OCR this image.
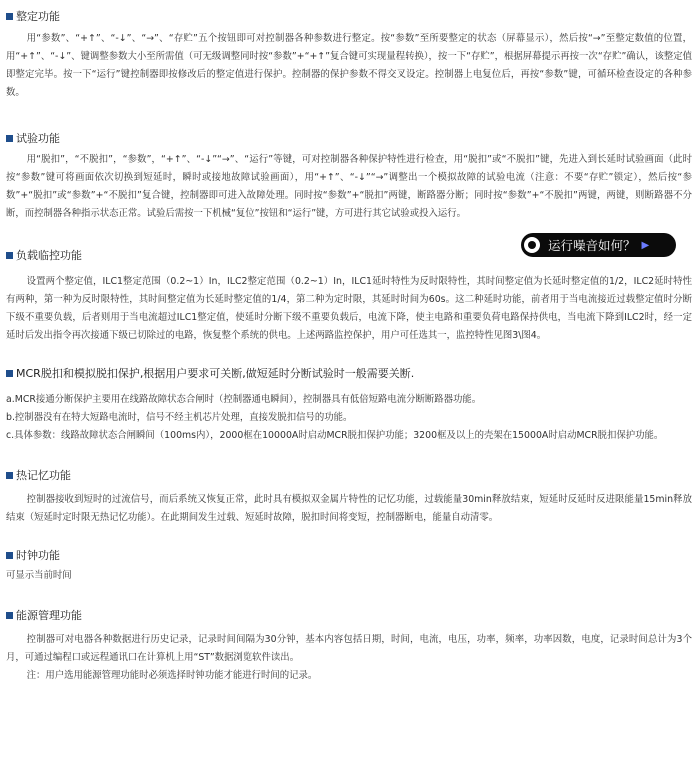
整定功能

用“参数”、“+↑”、“-↓”、“→”、“存贮”五个按钮即可对控制器各种参数进行整定。按“参数”至所要整定的状态（屏幕显示），然后按“→”至整定数值的位置，用“+↑”、“-↓”、键调整参数大小至所需值（可无级调整同时按“参数”+“+↑”复合键可实现量程转换），按一下“存贮”，根据屏幕提示再按一次“存贮”确认，该整定值即整定完毕。按一下“运行”键控制器即按修改后的整定值进行保护。控制器的保护参数不得交叉设定。控制器上电复位后，再按“参数”键，可循环检查设定的各种参数。

试验功能

用“脱扣”，“不脱扣”，“参数”，“+↑”、“-↓”“→”、“运行”等键，可对控制器各种保护特性进行检查，用“脱扣”或“不脱扣”键，先进入到长延时试验画面（此时按“参数”键可将画面依次切换到短延时，瞬时或接地故障试验画面），用“+↑”、“-↓”“→”调整出一个模拟故障的试验电流（注意：不要“存贮”锁定），然后按“参数”+“脱扣”或“参数”+“不脱扣”复合键，控制器即可进入故障处理。同时按“参数”+“脱扣”两键，断路器分断；同时按“参数”+“不脱扣”两键，两键，则断路器不分断，而控制器各种指示状态正常。试验后需按一下机械“复位”按钮和“运行”键，方可进行其它试验或投入运行。

负载临控功能

设置两个整定值，ILC1整定范围（0.2~1）In，ILC2整定范围（0.2~1）In，ILC1延时特性为反时限特性，其时间整定值为长延时整定值的1/2，ILC2延时特性有两种，第一种为反时限特性，其时间整定值为长延时整定值的1/4，第二种为定时限，其延时时间为60s。这二种延时功能，前者用于当电流接近过载整定值时分断下级不重要负载，后者则用于当电流超过ILC1整定值，使延时分断下级不重要负载后，电流下降，使主电路和重要负荷电路保持供电，当电流下降到ILC2时，经一定延时后发出指令再次接通下级已切除过的电路，恢复整个系统的供电。上述两路监控保护，用户可任选其一，监控特性见图3\图4。

MCR脱扣和模拟脱扣保护,根据用户要求可关断,做短延时分断试验时一般需要关断.

a.MCR接通分断保护主要用在线路故障状态合闸时（控制器通电瞬间），控制器具有低倍短路电流分断断路器功能。

b.控制器没有在特大短路电流时，信号不经主机芯片处理，直接发脱扣信号的功能。

c.具体参数：线路故障状态合闸瞬间（100ms内），2000框在10000A时启动MCR脱扣保护功能；3200框及以上的壳架在15000A时启动MCR脱扣保护功能。

热记忆功能

控制器接收到短时的过流信号，而后系统又恢复正常，此时具有模拟双金属片特性的记忆功能，过载能量30min释放结束，短延时反延时反进限能量15min释放结束（短延时定时限无热记忆功能）。在此期间发生过载、短延时故障，脱扣时间将变短，控制器断电，能量自动清零。

时钟功能

可显示当前时间

能源管理功能

控制器可对电器各种数据进行历史记录，记录时间间隔为30分钟，基本内容包括日期，时间，电流，电压，功率，频率，功率因数，电度，记录时间总计为3个月，可通过编程口或远程通讯口在计算机上用“ST”数据浏览软件读出。

注：用户选用能源管理功能时必须选择时钟功能才能进行时间的记录。

运行噪音如何？ ▶
